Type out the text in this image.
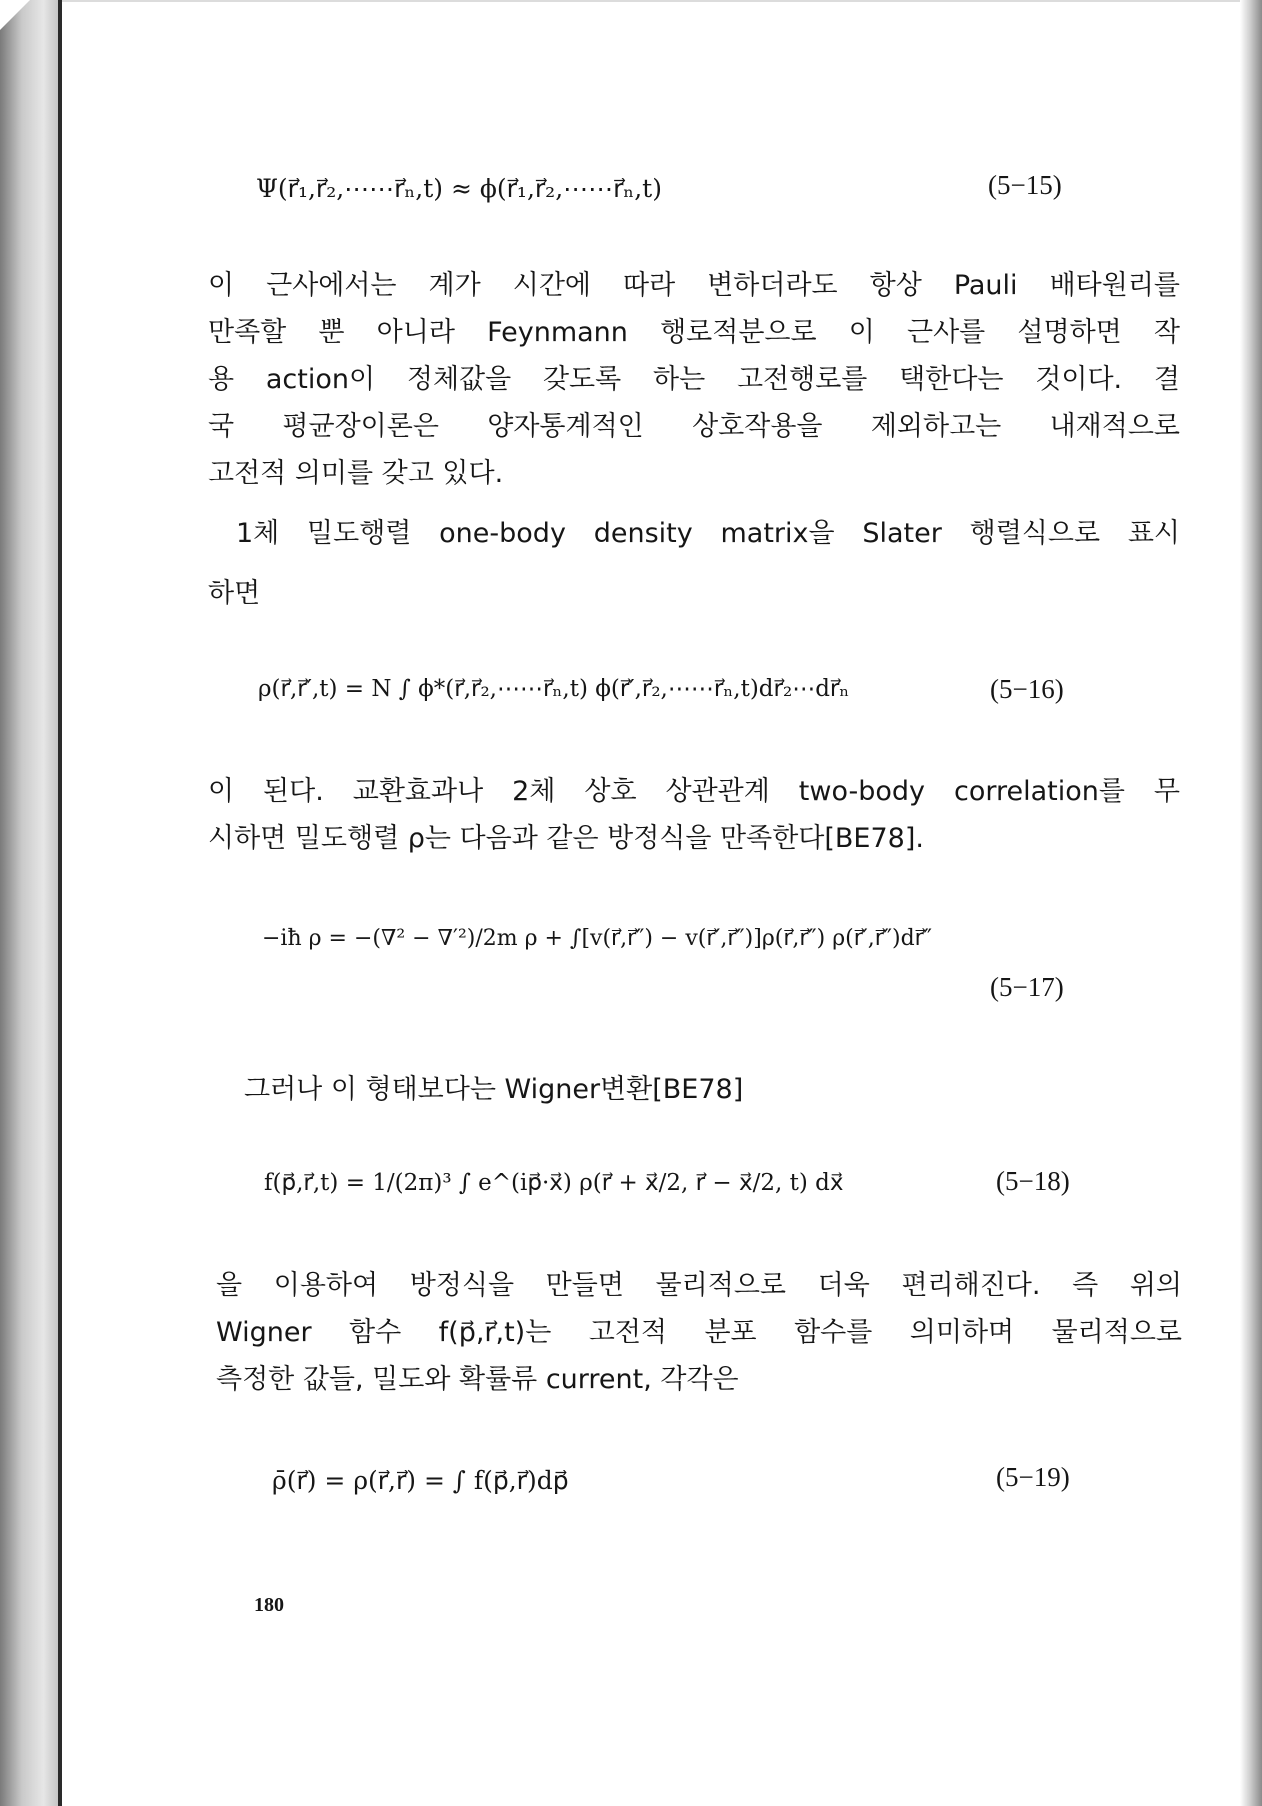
Ψ(r⃗₁,r⃗₂,⋯⋯r⃗ₙ,t) ≈ ϕ(r⃗₁,r⃗₂,⋯⋯r⃗ₙ,t)	(5−15)
이 근사에서는 계가 시간에 따라 변하더라도 항상 Pauli 배타원리를
만족할 뿐 아니라 Feynmann 행로적분으로 이 근사를 설명하면 작
용 action이 정체값을 갖도록 하는 고전행로를 택한다는 것이다. 결
국 평균장이론은 양자통계적인 상호작용을 제외하고는 내재적으로
고전적 의미를 갖고 있다.
1체 밀도행렬 one-body density matrix을 Slater 행렬식으로 표시
하면
ρ(r⃗,r⃗′,t) = N ∫ ϕ*(r⃗,r⃗₂,⋯⋯r⃗ₙ,t) ϕ(r⃗′,r⃗₂,⋯⋯r⃗ₙ,t)dr⃗₂⋯dr⃗ₙ	(5−16)
이 된다. 교환효과나 2체 상호 상관관계 two-body correlation를 무
시하면 밀도행렬 ρ는 다음과 같은 방정식을 만족한다[BE78].
−iħ ρ = −(∇² − ∇′²)/2m ρ + ∫[v(r⃗,r⃗″) − v(r⃗′,r⃗″)]ρ(r⃗,r⃗″) ρ(r⃗′,r⃗″)dr⃗″
(5−17)
그러나 이 형태보다는 Wigner변환[BE78]
f(p⃗,r⃗,t) = 1/(2π)³ ∫ e^(ip⃗·x⃗) ρ(r⃗ + x⃗/2, r⃗ − x⃗/2, t) dx⃗	(5−18)
을 이용하여 방정식을 만들면 물리적으로 더욱 편리해진다. 즉 위의
Wigner 함수 f(p⃗,r⃗,t)는 고전적 분포 함수를 의미하며 물리적으로
측정한 값들, 밀도와 확률류 current, 각각은
ρ̄(r⃗) = ρ(r⃗,r⃗) = ∫ f(p⃗,r⃗)dp⃗	(5−19)
180
